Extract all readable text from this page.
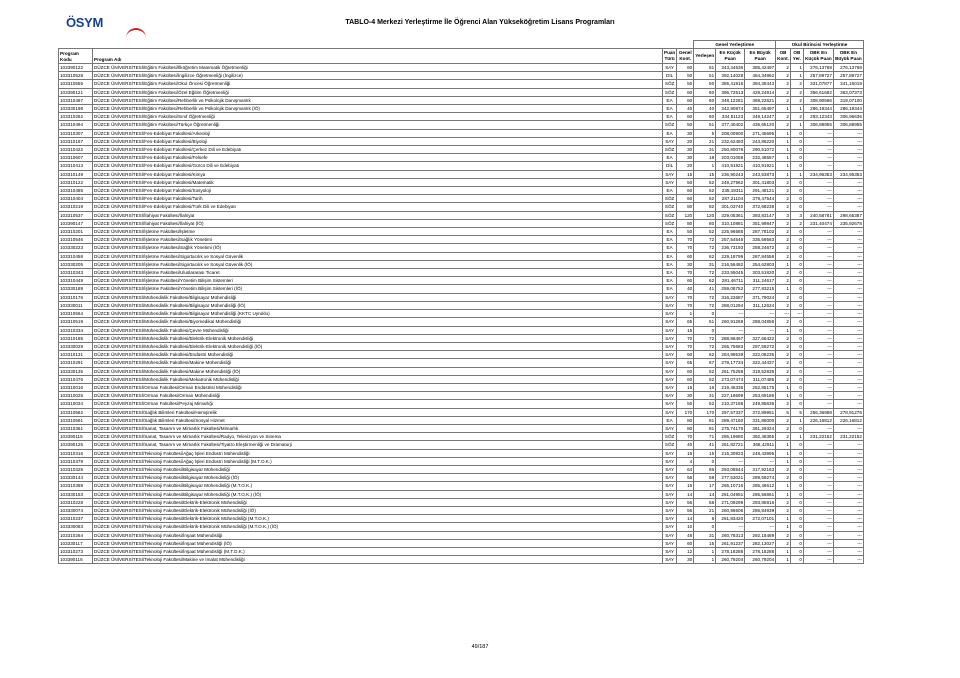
ÖSYM	TABLO-4 Merkezi Yerleştirme İle Öğrenci Alan Yükseköğretim Lisans Programları
				Genel Yerleştirme			Okul Birincisi Yerleştirme			
Program Kodu	Program Adı	Puan Türü	Genel Kont.	Yerleşen	En Küçük Puan	En Büyük Puan	OB Kont.	OB Yer.	OBK En Küçük Puan	OBK En Büyük Puan
103390122	DÜZCE ÜNİVERSİTESİ/Eğitim Fakültesi/İlköğretim Matematik Öğretmenliği	SAY	60	61	343,44536	385,42497	2	1	276,13768	276,13768
103310528	DÜZCE ÜNİVERSİTESİ/Eğitim Fakültesi/İngilizce Öğretmenliği (İngilizce)	DİL	50	51	392,14028	464,34862	2	1	257,89727	257,89727
103310555	DÜZCE ÜNİVERSİTESİ/Eğitim Fakültesi/Okul Öncesi Öğretmenliği	SÖZ	50	50	385,41916	394,36443	2	2	331,07877	341,16019
103390121	DÜZCE ÜNİVERSİTESİ/Eğitim Fakültesi/Özel Eğitim Öğretmenliği	SÖZ	60	60	396,72513	429,24914	2	2	356,61682	363,07373
103310467	DÜZCE ÜNİVERSİTESİ/Eğitim Fakültesi/Rehberlik ve Psikolojik Danışmanlık	EA	60	60	348,12281	368,22621	2	2	308,90566	319,07100
103330198	DÜZCE ÜNİVERSİTESİ/Eğitim Fakültesi/Rehberlik ve Psikolojik Danışmanlık (İÖ)	EA	40	40	342,90874	351,65497	1	1	286,19344	286,19344
103310282	DÜZCE ÜNİVERSİTESİ/Eğitim Fakültesi/Sınıf Öğretmenliği	EA	60	60	334,81123	349,14247	2	2	293,12343	306,96636
103310494	DÜZCE ÜNİVERSİTESİ/Eğitim Fakültesi/Türkçe Öğretmenliği	SÖZ	50	51	377,40402	436,65120	2	1	306,88955	306,88955
103310307	DÜZCE ÜNİVERSİTESİ/Fen-Edebiyat Fakültesi/Arkeoloji	EA	30	5	208,00900	271,45695	1	0	---	---
103310167	DÜZCE ÜNİVERSİTESİ/Fen-Edebiyat Fakültesi/Biyoloji	SAY	20	21	232,62493	243,86220	1	0	---	---
103310422	DÜZCE ÜNİVERSİTESİ/Fen-Edebiyat Fakültesi/Çerkez Dili ve Edebiyatı	SÖZ	30	31	250,80076	290,51072	1	0	---	---
103310607	DÜZCE ÜNİVERSİTESİ/Fen-Edebiyat Fakültesi/Felsefe	EA	30	18	203,01059	232,48557	1	0	---	---
103310413	DÜZCE ÜNİVERSİTESİ/Fen-Edebiyat Fakültesi/Gürcü Dili ve Edebiyatı	DİL	20	1	410,91921	410,91921	1	0	---	---
103310149	DÜZCE ÜNİVERSİTESİ/Fen-Edebiyat Fakültesi/Kimya	SAY	15	15	236,90243	243,53873	1	1	234,96353	234,96353
103310122	DÜZCE ÜNİVERSİTESİ/Fen-Edebiyat Fakültesi/Matematik	SAY	50	52	249,27962	301,41803	2	0	---	---
103310485	DÜZCE ÜNİVERSİTESİ/Fen-Edebiyat Fakültesi/Sosyoloji	EA	60	62	235,19311	291,48121	2	0	---	---
103310404	DÜZCE ÜNİVERSİTESİ/Fen-Edebiyat Fakültesi/Tarih	SÖZ	60	62	287,21104	379,47544	2	0	---	---
103310219	DÜZCE ÜNİVERSİTESİ/Fen-Edebiyat Fakültesi/Türk Dili ve Edebiyatı	SÖZ	80	82	301,03740	372,68238	2	0	---	---
103310537	DÜZCE ÜNİVERSİTESİ/İlahiyat Fakültesi/İlahiyat	SÖZ	120	120	329,05361	393,83147	3	3	240,58781	298,65387
103390147	DÜZCE ÜNİVERSİTESİ/İlahiyat Fakültesi/İlahiyat (İÖ)	SÖZ	80	80	310,10881	351,99847	2	2	231,40474	235,92678
103310201	DÜZCE ÜNİVERSİTESİ/İşletme Fakültesi/İşletme	EA	50	52	225,96585	287,78102	2	0	---	---
103310546	DÜZCE ÜNİVERSİTESİ/İşletme Fakültesi/Sağlık Yönetimi	EA	70	72	257,54546	335,59563	2	0	---	---
103330223	DÜZCE ÜNİVERSİTESİ/İşletme Fakültesi/Sağlık Yönetimi (İÖ)	EA	70	72	236,73193	258,24672	2	0	---	---
103310458	DÜZCE ÜNİVERSİTESİ/İşletme Fakültesi/Sigortacılık ve Sosyal Güvenlik	EA	60	62	229,18799	287,84558	2	0	---	---
103330205	DÜZCE ÜNİVERSİTESİ/İşletme Fakültesi/Sigortacılık ve Sosyal Güvenlik (İÖ)	EA	30	31	216,56482	254,62803	1	0	---	---
103310343	DÜZCE ÜNİVERSİTESİ/İşletme Fakültesi/Uluslararası Ticaret	EA	70	72	233,55045	303,51820	2	0	---	---
103310449	DÜZCE ÜNİVERSİTESİ/İşletme Fakültesi/Yönetim Bilişim Sistemleri	EA	60	62	281,46711	311,24617	2	0	---	---
103330189	DÜZCE ÜNİVERSİTESİ/İşletme Fakültesi/Yönetim Bilişim Sistemleri (İÖ)	EA	40	41	259,08752	277,83215	1	0	---	---
103310176	DÜZCE ÜNİVERSİTESİ/Mühendislik Fakültesi/Bilgisayar Mühendisliği	SAY	70	72	316,22687	371,79024	2	0	---	---
103330011	DÜZCE ÜNİVERSİTESİ/Mühendislik Fakültesi/Bilgisayar Mühendisliği (İÖ)	SAY	70	72	288,01294	311,12624	2	0	---	---
103310564	DÜZCE ÜNİVERSİTESİ/Mühendislik Fakültesi/Bilgisayar Mühendisliği (KKTC Uyruklu)	SAY	1	0	---	---	---	---	---	---
103310519	DÜZCE ÜNİVERSİTESİ/Mühendislik Fakültesi/Biyomedikal Mühendisliği	SAY	65	51	260,91269	288,04856	2	0	---	---
103310334	DÜZCE ÜNİVERSİTESİ/Mühendislik Fakültesi/Çevre Mühendisliği	SAY	15	0	---	---	1	0	---	---
103310185	DÜZCE ÜNİVERSİTESİ/Mühendislik Fakültesi/Elektrik-Elektronik Mühendisliği	SAY	70	72	288,86467	327,66422	2	0	---	---
103330029	DÜZCE ÜNİVERSİTESİ/Mühendislik Fakültesi/Elektrik-Elektronik Mühendisliği (İÖ)	SAY	70	72	265,75683	297,59272	2	0	---	---
103310131	DÜZCE ÜNİVERSİTESİ/Mühendislik Fakültesi/Endüstri Mühendisliği	SAY	60	62	284,99539	322,08235	2	0	---	---
103310291	DÜZCE ÜNİVERSİTESİ/Mühendislik Fakültesi/Makine Mühendisliği	SAY	65	67	279,17734	322,44437	2	0	---	---
103330135	DÜZCE ÜNİVERSİTESİ/Mühendislik Fakültesi/Makine Mühendisliği (İÖ)	SAY	60	62	261,75259	319,52835	2	0	---	---
103310476	DÜZCE ÜNİVERSİTESİ/Mühendislik Fakültesi/Mekatronik Mühendisliği	SAY	60	62	273,07474	311,07485	2	0	---	---
103310016	DÜZCE ÜNİVERSİTESİ/Orman Fakültesi/Orman Endüstrisi Mühendisliği	SAY	15	16	219,46336	252,85175	1	0	---	---
103310025	DÜZCE ÜNİVERSİTESİ/Orman Fakültesi/Orman Mühendisliği	SAY	30	31	227,18699	253,69186	1	0	---	---
103310034	DÜZCE ÜNİVERSİTESİ/Orman Fakültesi/Peyzaj Mimarlığı	SAY	50	52	210,37168	249,85636	2	0	---	---
103310582	DÜZCE ÜNİVERSİTESİ/Sağlık Bilimleri Fakültesi/Hemşirelik	SAY	170	170	297,57337	372,89951	5	5	256,36988	278,91276
103310591	DÜZCE ÜNİVERSİTESİ/Sağlık Bilimleri Fakültesi/Sosyal Hizmet	EA	80	81	289,47160	331,86000	2	1	226,16812	226,16812
103310361	DÜZCE ÜNİVERSİTESİ/Sanat, Tasarım ve Mimarlık Fakültesi/Mimarlık	SAY	80	81	275,74176	361,29324	2	0	---	---
103390115	DÜZCE ÜNİVERSİTESİ/Sanat, Tasarım ve Mimarlık Fakültesi/Radyo, Televizyon ve Sinema	SÖZ	70	71	285,19680	392,48365	2	1	231,22152	231,22152
103390125	DÜZCE ÜNİVERSİTESİ/Sanat, Tasarım ve Mimarlık Fakültesi/Tiyatro Eleştirmenliği ve Dramaturji	SÖZ	40	41	261,82721	368,42911	1	0	---	---
103310316	DÜZCE ÜNİVERSİTESİ/Teknoloji Fakültesi/Ağaç İşleri Endüstri Mühendisliği	SAY	16	15	215,30923	248,43995	1	0	---	---
103310379	DÜZCE ÜNİVERSİTESİ/Teknoloji Fakültesi/Ağaç İşleri Endüstri Mühendisliği (M.T.O.K.)	SAY	4	0	---	---	1	0	---	---
103310325	DÜZCE ÜNİVERSİTESİ/Teknoloji Fakültesi/Bilgisayar Mühendisliği	SAY	64	66	293,08544	317,92163	2	0	---	---
103330144	DÜZCE ÜNİVERSİTESİ/Teknoloji Fakültesi/Bilgisayar Mühendisliği (İÖ)	SAY	56	58	277,53021	289,59274	2	0	---	---
103310388	DÜZCE ÜNİVERSİTESİ/Teknoloji Fakültesi/Bilgisayar Mühendisliği (M.T.O.K.)	SAY	16	17	265,10716	285,46612	1	0	---	---
103330153	DÜZCE ÜNİVERSİTESİ/Teknoloji Fakültesi/Bilgisayar Mühendisliği (M.T.O.K.) (İÖ)	SAY	14	14	261,04951	285,56861	1	0	---	---
103310228	DÜZCE ÜNİVERSİTESİ/Teknoloji Fakültesi/Elektrik-Elektronik Mühendisliği	SAY	56	58	271,09299	293,85916	2	0	---	---
103330074	DÜZCE ÜNİVERSİTESİ/Teknoloji Fakültesi/Elektrik-Elektronik Mühendisliği (İÖ)	SAY	56	21	260,96606	286,84939	2	0	---	---
103310237	DÜZCE ÜNİVERSİTESİ/Teknoloji Fakültesi/Elektrik-Elektronik Mühendisliği (M.T.O.K.)	SAY	14	8	261,83420	272,07101	1	0	---	---
103330083	DÜZCE ÜNİVERSİTESİ/Teknoloji Fakültesi/Elektrik-Elektronik Mühendisliği (M.T.O.K.) (İÖ)	SAY	10	0	---	---	1	0	---	---
103310264	DÜZCE ÜNİVERSİTESİ/Teknoloji Fakültesi/İnşaat Mühendisliği	SAY	48	31	260,78313	292,18489	2	0	---	---
103330117	DÜZCE ÜNİVERSİTESİ/Teknoloji Fakültesi/İnşaat Mühendisliği (İÖ)	SAY	60	15	261,91237	282,13027	2	0	---	---
103310273	DÜZCE ÜNİVERSİTESİ/Teknoloji Fakültesi/İnşaat Mühendisliği (M.T.O.K.)	SAY	12	1	278,18288	278,18288	1	0	---	---
103390116	DÜZCE ÜNİVERSİTESİ/Teknoloji Fakültesi/Makine ve İmalat Mühendisliği	SAY	30	1	260,79204	260,79204	1	0	---	---
49/187
